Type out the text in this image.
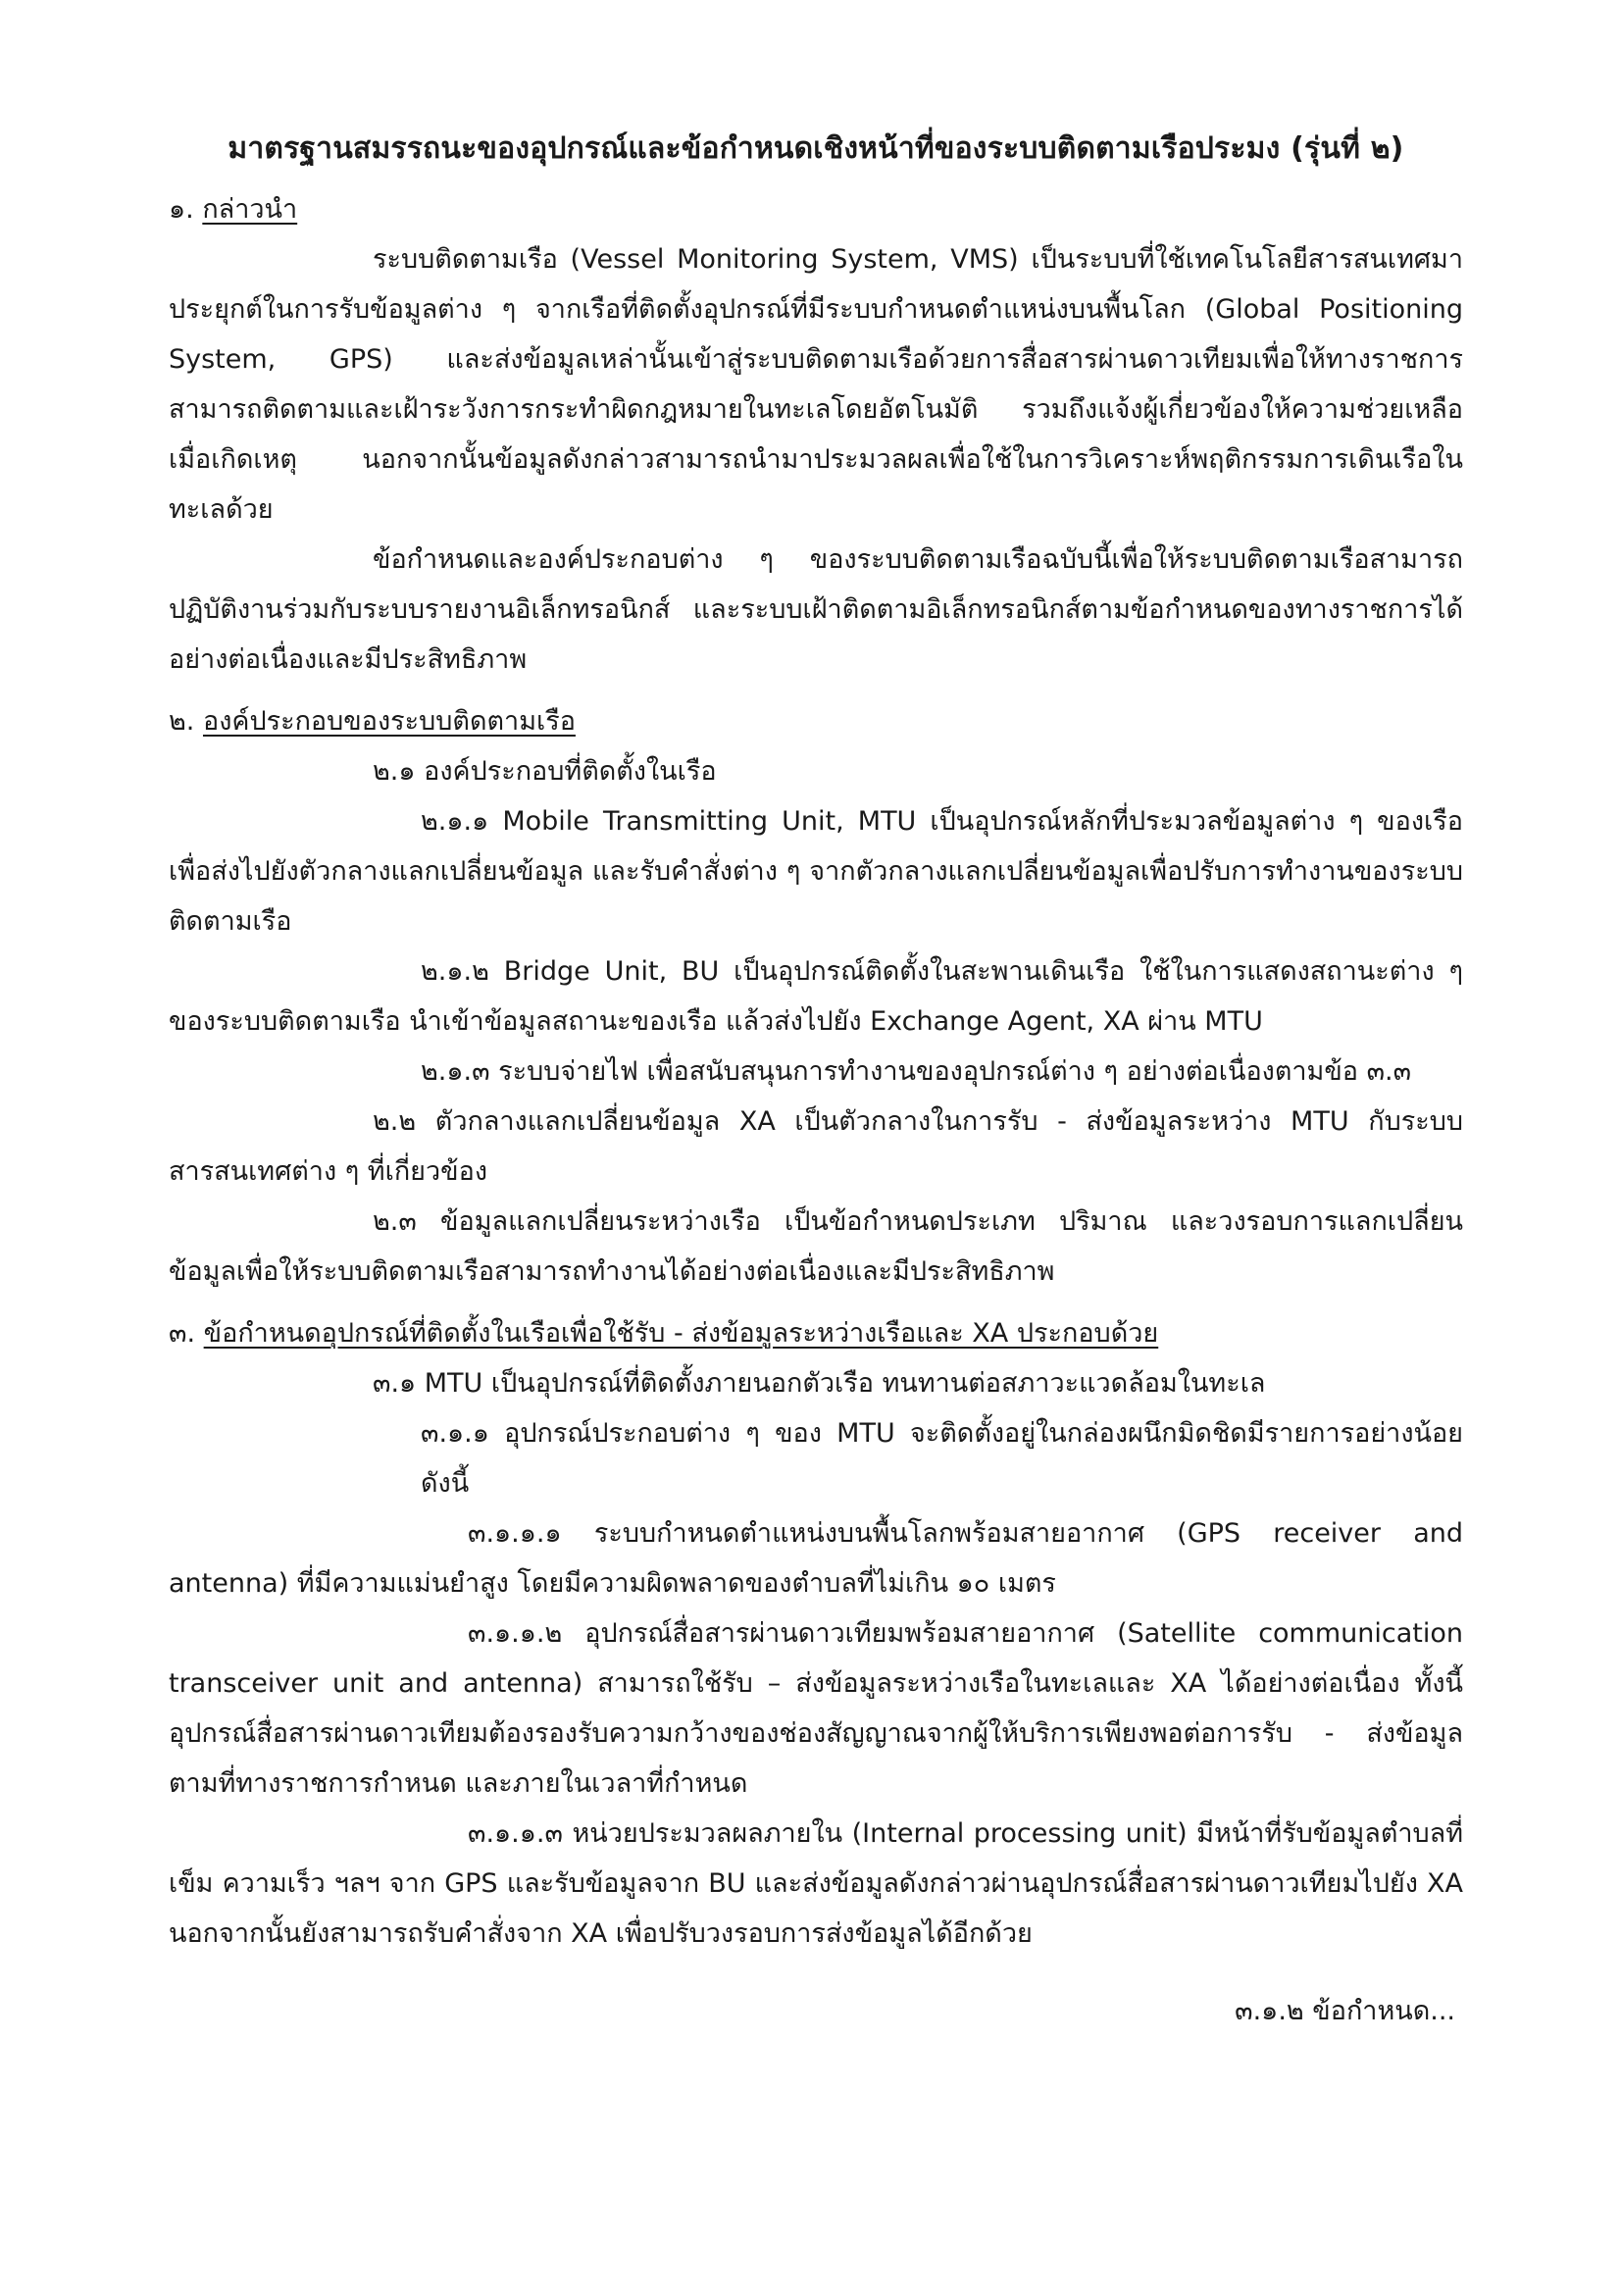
มาตรฐานสมรรถนะของอุปกรณ์และข้อกำหนดเชิงหน้าที่ของระบบติดตามเรือประมง (รุ่นที่ ๒)

๑. กล่าวนำ

ระบบติดตามเรือ (Vessel Monitoring System, VMS) เป็นระบบที่ใช้เทคโนโลยีสารสนเทศมาประยุกต์ในการรับข้อมูลต่าง ๆ จากเรือที่ติดตั้งอุปกรณ์ที่มีระบบกำหนดตำแหน่งบนพื้นโลก (Global Positioning System, GPS) และส่งข้อมูลเหล่านั้นเข้าสู่ระบบติดตามเรือด้วยการสื่อสารผ่านดาวเทียมเพื่อให้ทางราชการสามารถติดตามและเฝ้าระวังการกระทำผิดกฎหมายในทะเลโดยอัตโนมัติ รวมถึงแจ้งผู้เกี่ยวข้องให้ความช่วยเหลือเมื่อเกิดเหตุ นอกจากนั้นข้อมูลดังกล่าวสามารถนำมาประมวลผลเพื่อใช้ในการวิเคราะห์พฤติกรรมการเดินเรือในทะเลด้วย

ข้อกำหนดและองค์ประกอบต่าง ๆ ของระบบติดตามเรือฉบับนี้เพื่อให้ระบบติดตามเรือสามารถปฏิบัติงานร่วมกับระบบรายงานอิเล็กทรอนิกส์ และระบบเฝ้าติดตามอิเล็กทรอนิกส์ตามข้อกำหนดของทางราชการได้อย่างต่อเนื่องและมีประสิทธิภาพ

๒. องค์ประกอบของระบบติดตามเรือ

๒.๑ องค์ประกอบที่ติดตั้งในเรือ

๒.๑.๑ Mobile Transmitting Unit, MTU เป็นอุปกรณ์หลักที่ประมวลข้อมูลต่าง ๆ ของเรือเพื่อส่งไปยังตัวกลางแลกเปลี่ยนข้อมูล และรับคำสั่งต่าง ๆ จากตัวกลางแลกเปลี่ยนข้อมูลเพื่อปรับการทำงานของระบบติดตามเรือ

๒.๑.๒ Bridge Unit, BU เป็นอุปกรณ์ติดตั้งในสะพานเดินเรือ ใช้ในการแสดงสถานะต่าง ๆ ของระบบติดตามเรือ นำเข้าข้อมูลสถานะของเรือ แล้วส่งไปยัง Exchange Agent, XA ผ่าน MTU

๒.๑.๓ ระบบจ่ายไฟ เพื่อสนับสนุนการทำงานของอุปกรณ์ต่าง ๆ อย่างต่อเนื่องตามข้อ ๓.๓

๒.๒ ตัวกลางแลกเปลี่ยนข้อมูล XA เป็นตัวกลางในการรับ - ส่งข้อมูลระหว่าง MTU กับระบบสารสนเทศต่าง ๆ ที่เกี่ยวข้อง

๒.๓ ข้อมูลแลกเปลี่ยนระหว่างเรือ เป็นข้อกำหนดประเภท ปริมาณ และวงรอบการแลกเปลี่ยนข้อมูลเพื่อให้ระบบติดตามเรือสามารถทำงานได้อย่างต่อเนื่องและมีประสิทธิภาพ

๓. ข้อกำหนดอุปกรณ์ที่ติดตั้งในเรือเพื่อใช้รับ - ส่งข้อมูลระหว่างเรือและ XA ประกอบด้วย

๓.๑ MTU เป็นอุปกรณ์ที่ติดตั้งภายนอกตัวเรือ ทนทานต่อสภาวะแวดล้อมในทะเล

๓.๑.๑ อุปกรณ์ประกอบต่าง ๆ ของ MTU จะติดตั้งอยู่ในกล่องผนึกมิดชิดมีรายการอย่างน้อยดังนี้

๓.๑.๑.๑ ระบบกำหนดตำแหน่งบนพื้นโลกพร้อมสายอากาศ (GPS receiver and antenna) ที่มีความแม่นยำสูง โดยมีความผิดพลาดของตำบลที่ไม่เกิน ๑๐ เมตร

๓.๑.๑.๒ อุปกรณ์สื่อสารผ่านดาวเทียมพร้อมสายอากาศ (Satellite communication transceiver unit and antenna) สามารถใช้รับ – ส่งข้อมูลระหว่างเรือในทะเลและ XA ได้อย่างต่อเนื่อง ทั้งนี้อุปกรณ์สื่อสารผ่านดาวเทียมต้องรองรับความกว้างของช่องสัญญาณจากผู้ให้บริการเพียงพอต่อการรับ - ส่งข้อมูลตามที่ทางราชการกำหนด และภายในเวลาที่กำหนด

๓.๑.๑.๓ หน่วยประมวลผลภายใน (Internal processing unit) มีหน้าที่รับข้อมูลตำบลที่ เข็ม ความเร็ว ฯลฯ จาก GPS และรับข้อมูลจาก BU และส่งข้อมูลดังกล่าวผ่านอุปกรณ์สื่อสารผ่านดาวเทียมไปยัง XA นอกจากนั้นยังสามารถรับคำสั่งจาก XA เพื่อปรับวงรอบการส่งข้อมูลได้อีกด้วย

๓.๑.๒ ข้อกำหนด...
